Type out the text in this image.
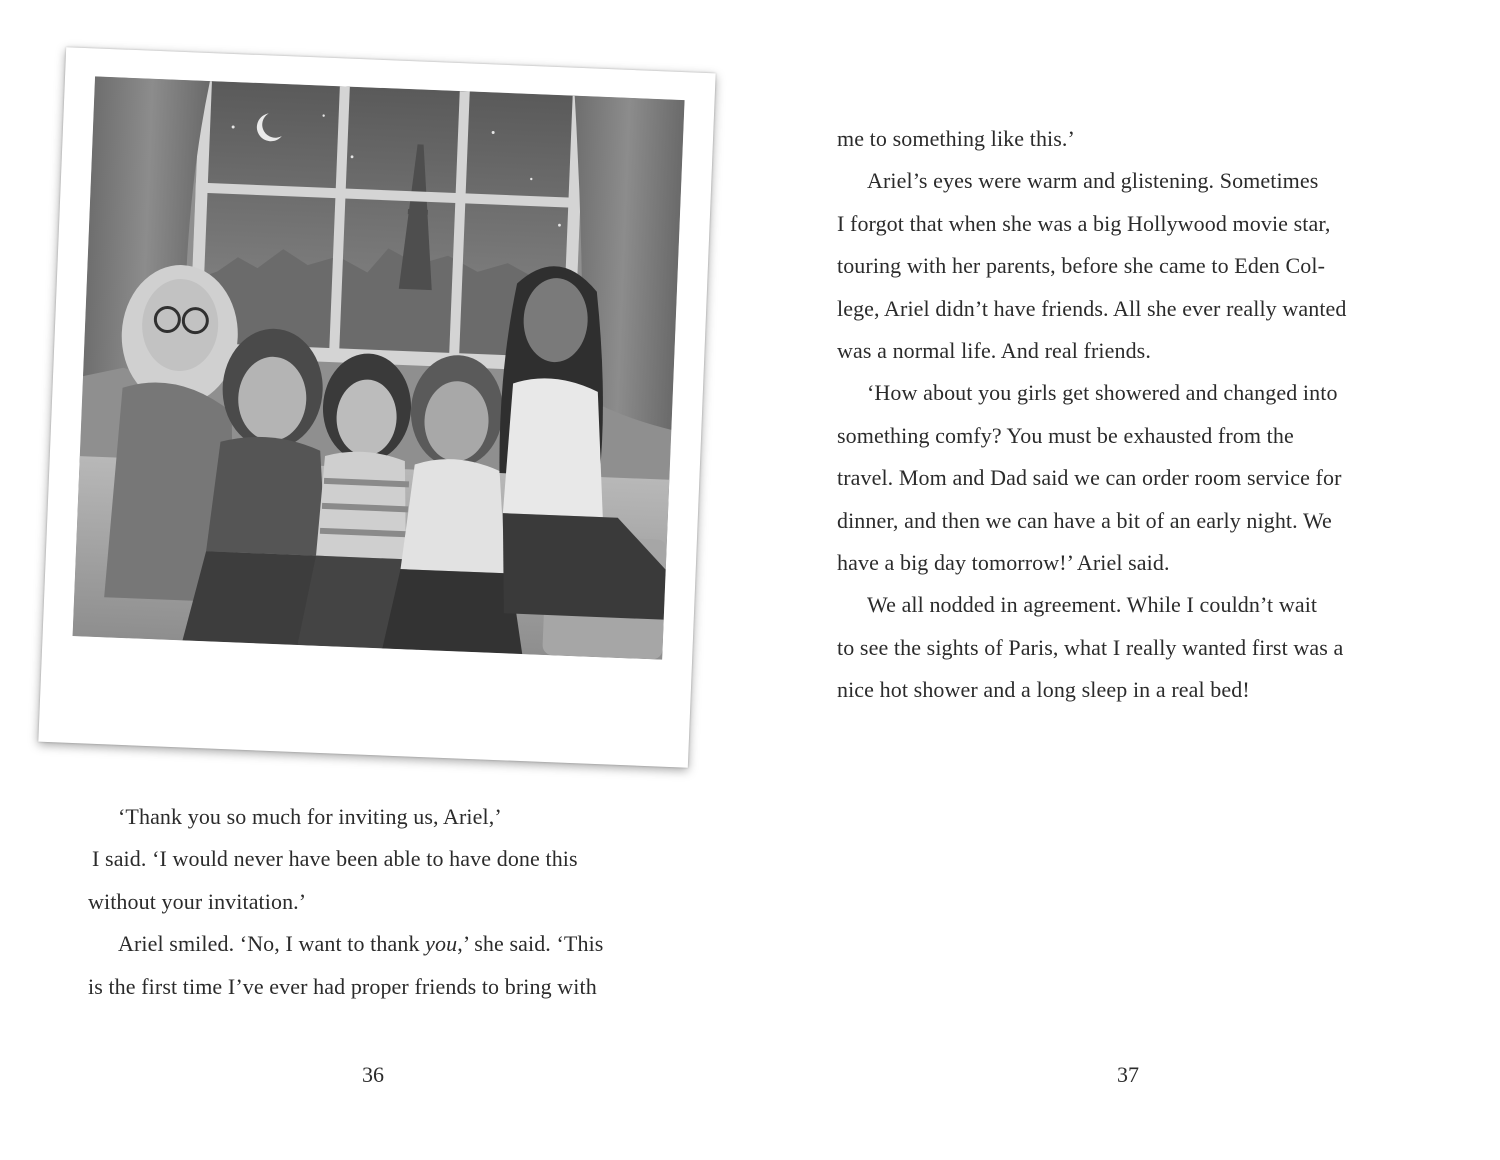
‘Thank you so much for inviting us, Ariel,’

I said. ‘I would never have been able to have done this

without your invitation.’

Ariel smiled. ‘No, I want to thank you,’ she said. ‘This

is the first time I’ve ever had proper friends to bring with

36

me to something like this.’

Ariel’s eyes were warm and glistening. Sometimes

I forgot that when she was a big Hollywood movie star,

touring with her parents, before she came to Eden Col-

lege, Ariel didn’t have friends. All she ever really wanted

was a normal life. And real friends.

‘How about you girls get showered and changed into

something comfy? You must be exhausted from the

travel. Mom and Dad said we can order room service for

dinner, and then we can have a bit of an early night. We

have a big day tomorrow!’ Ariel said.

We all nodded in agreement. While I couldn’t wait

to see the sights of Paris, what I really wanted first was a

nice hot shower and a long sleep in a real bed!

37
